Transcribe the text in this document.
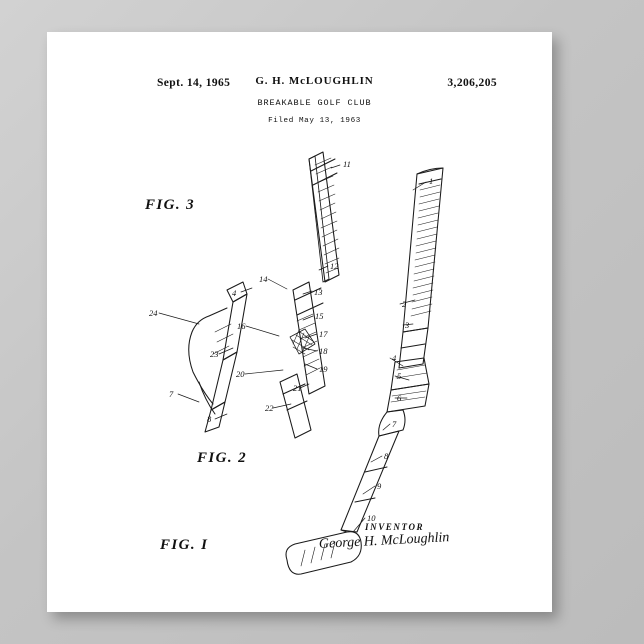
Sept. 14, 1965	3,206,205
G. H. McLOUGHLIN
BREAKABLE GOLF CLUB
Filed May 13, 1963
FIG. 3
FIG. 2
FIG. I
11
1
12
14
13
4
2
24	15
3
16
17
18
23	4
19
20	5
21
6
7
7
22
8
8
9
10
INVENTOR
George H. McLoughlin
